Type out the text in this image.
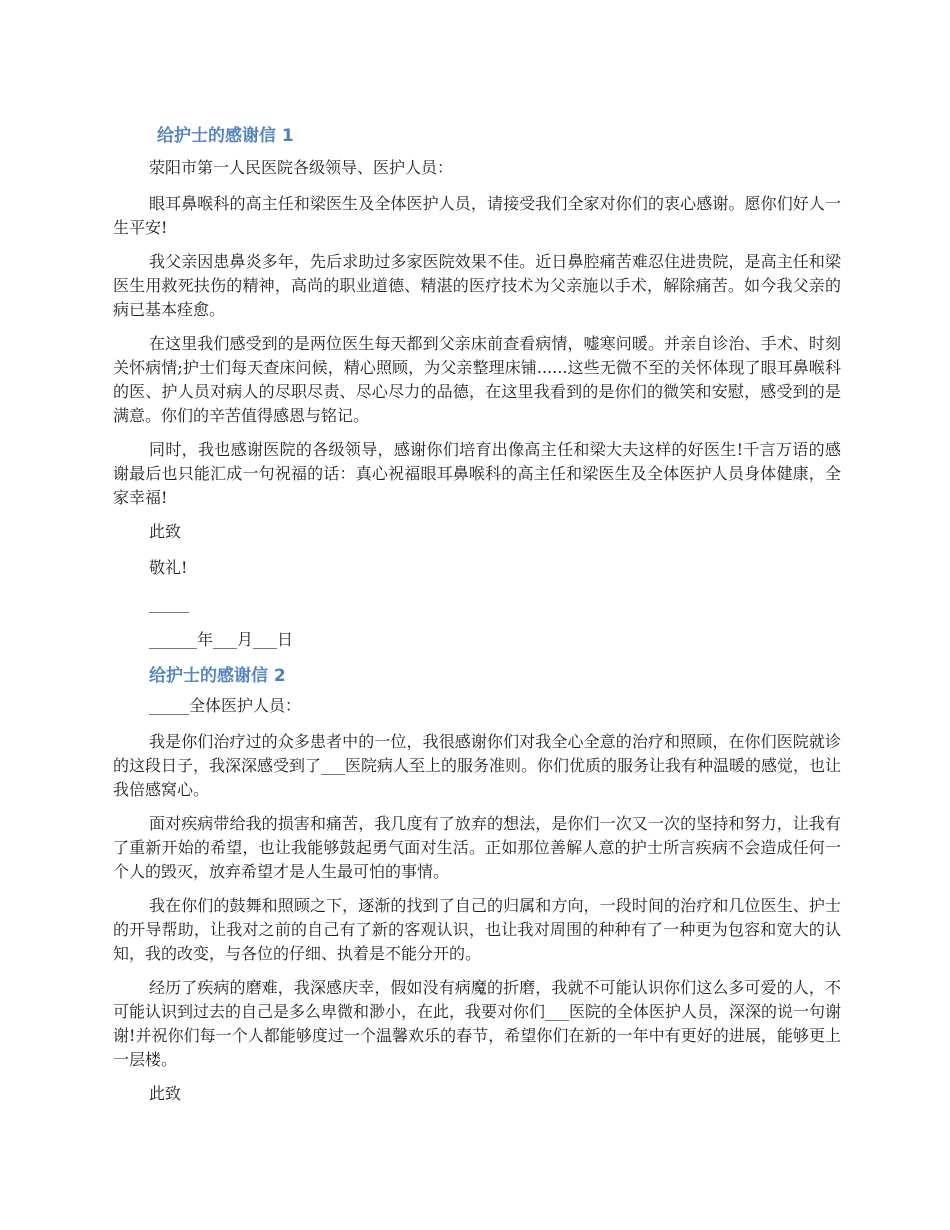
给护士的感谢信 1

荥阳市第一人民医院各级领导、医护人员：

眼耳鼻喉科的高主任和梁医生及全体医护人员，请接受我们全家对你们的衷心感谢。愿你们好人一生平安!

我父亲因患鼻炎多年，先后求助过多家医院效果不佳。近日鼻腔痛苦难忍住进贵院，是高主任和梁医生用救死扶伤的精神，高尚的职业道德、精湛的医疗技术为父亲施以手术，解除痛苦。如今我父亲的病已基本痊愈。

在这里我们感受到的是两位医生每天都到父亲床前查看病情，嘘寒问暖。并亲自诊治、手术、时刻关怀病情;护士们每天查床问候，精心照顾，为父亲整理床铺......这些无微不至的关怀体现了眼耳鼻喉科的医、护人员对病人的尽职尽责、尽心尽力的品德，在这里我看到的是你们的微笑和安慰，感受到的是满意。你们的辛苦值得感恩与铭记。

同时，我也感谢医院的各级领导，感谢你们培育出像高主任和梁大夫这样的好医生!千言万语的感谢最后也只能汇成一句祝福的话：真心祝福眼耳鼻喉科的高主任和梁医生及全体医护人员身体健康，全家幸福!

此致

敬礼!

_____

______年___月___日

给护士的感谢信 2

_____全体医护人员：

我是你们治疗过的众多患者中的一位，我很感谢你们对我全心全意的治疗和照顾，在你们医院就诊的这段日子，我深深感受到了___医院病人至上的服务准则。你们优质的服务让我有种温暖的感觉，也让我倍感窝心。

面对疾病带给我的损害和痛苦，我几度有了放弃的想法，是你们一次又一次的坚持和努力，让我有了重新开始的希望，也让我能够鼓起勇气面对生活。正如那位善解人意的护士所言疾病不会造成任何一个人的毁灭，放弃希望才是人生最可怕的事情。

我在你们的鼓舞和照顾之下，逐渐的找到了自己的归属和方向，一段时间的治疗和几位医生、护士的开导帮助，让我对之前的自己有了新的客观认识，也让我对周围的种种有了一种更为包容和宽大的认知，我的改变，与各位的仔细、执着是不能分开的。

经历了疾病的磨难，我深感庆幸，假如没有病魔的折磨，我就不可能认识你们这么多可爱的人，不可能认识到过去的自己是多么卑微和渺小，在此，我要对你们___医院的全体医护人员，深深的说一句谢谢!并祝你们每一个人都能够度过一个温馨欢乐的春节，希望你们在新的一年中有更好的进展，能够更上一层楼。

此致
